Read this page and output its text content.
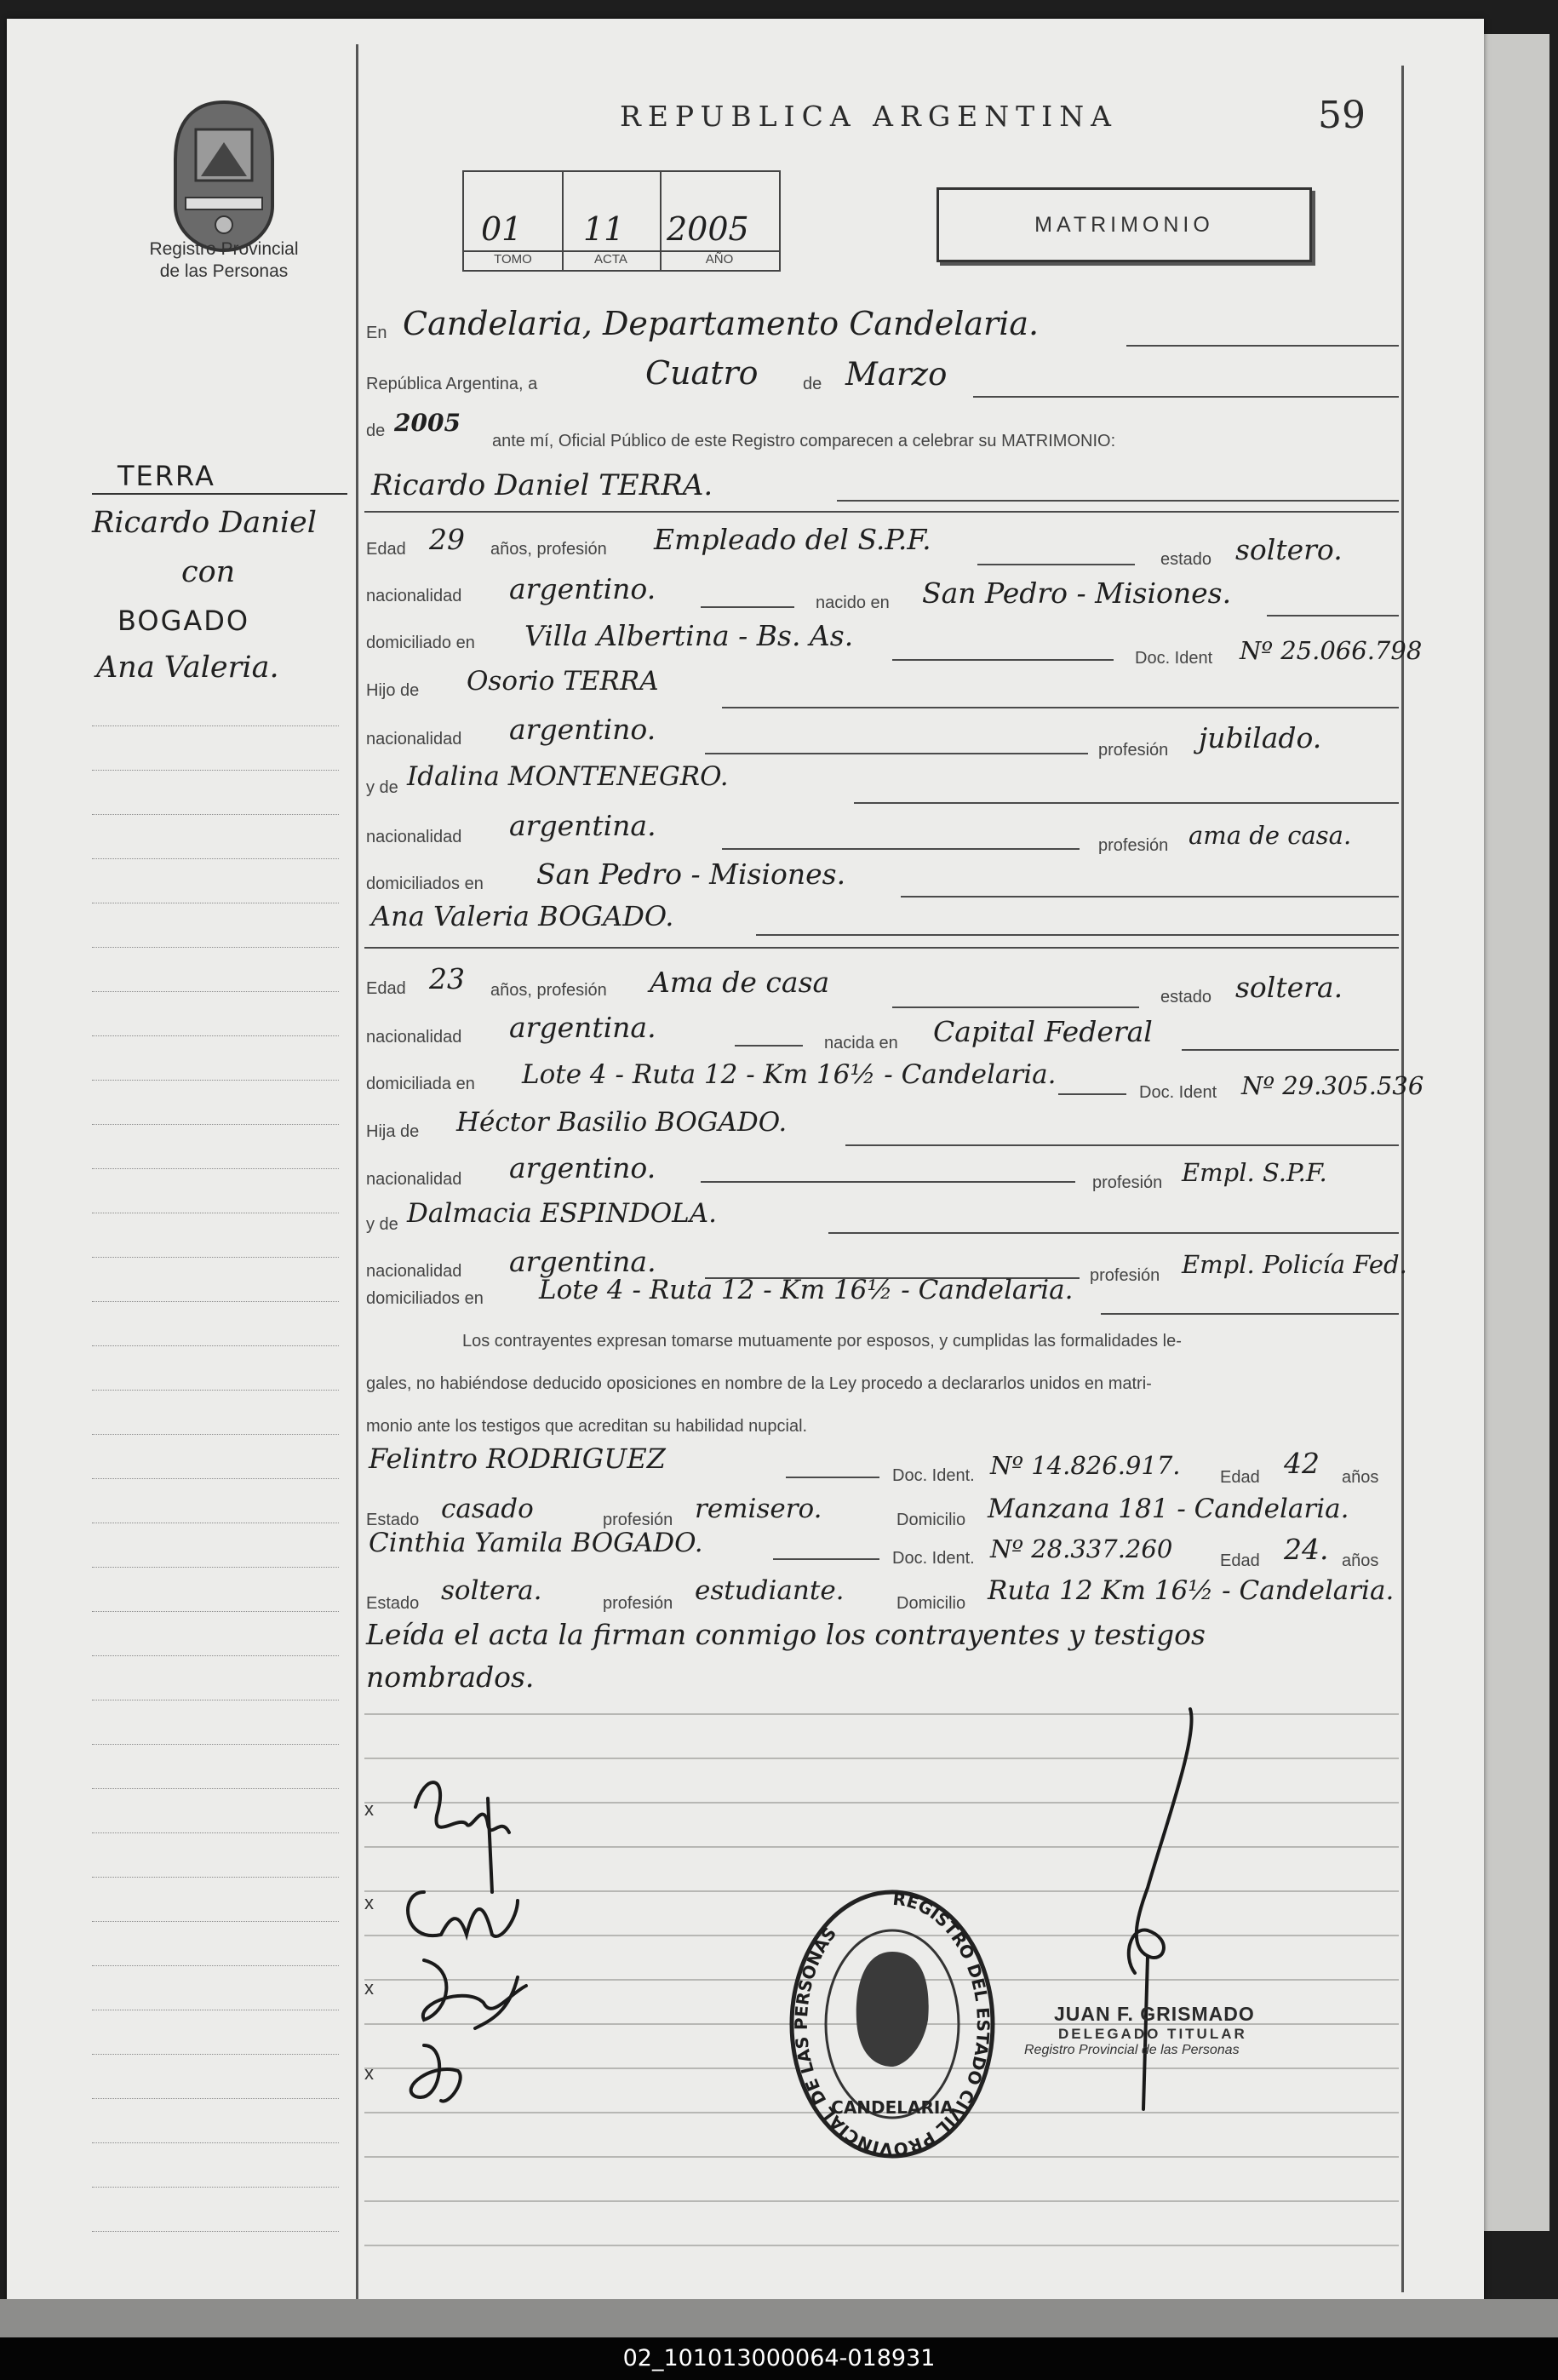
Registro Provincial
de las Personas
REPUBLICA ARGENTINA	59
01 11 2005
TOMO	ACTA	AÑO
MATRIMONIO
TERRA
Ricardo Daniel
con
BOGADO
Ana Valeria.
En Candelaria, Departamento Candelaria.
República Argentina, a	Cuatro	de Marzo
de 2005
ante mí, Oficial Público de este Registro comparecen a celebrar su MATRIMONIO:
Ricardo Daniel TERRA.
Edad 29 años, profesión Empleado del S.P.F.
estado soltero.
nacionalidad argentino.	nacido en San Pedro - Misiones.
domiciliado en Villa Albertina - Bs. As.
Doc. Ident Nº 25.066.798
Hijo de Osorio TERRA
nacionalidad argentino.
profesión jubilado.
y de Idalina MONTENEGRO.
nacionalidad argentina.
profesión ama de casa.
domiciliados en San Pedro - Misiones.
Ana Valeria BOGADO.
Edad 23 años, profesión Ama de casa	estado soltera.
nacionalidad argentina.	nacida en Capital Federal
domiciliada en Lote 4 - Ruta 12 - Km 16½ - Candelaria.
Doc. Ident Nº 29.305.536
Hija de Héctor Basilio BOGADO.
nacionalidad argentino.	profesión Empl. S.P.F.
y de Dalmacia ESPINDOLA.
nacionalidad argentina.	profesión Empl. Policía Fed.
domiciliados en Lote 4 - Ruta 12 - Km 16½ - Candelaria.
Los contrayentes expresan tomarse mutuamente por esposos, y cumplidas las formalidades le-
gales, no habiéndose deducido oposiciones en nombre de la Ley procedo a declararlos unidos en matri-
monio ante los testigos que acreditan su habilidad nupcial.
Felintro RODRIGUEZ
Doc. Ident. Nº 14.826.917. Edad 42 años
Estado casado	profesión remisero.	Domicilio Manzana 181 - Candelaria.
Cinthia Yamila BOGADO.	Doc. Ident. Nº 28.337.260	Edad 24. años
Estado soltera.	profesión estudiante.	Domicilio Ruta 12 Km 16½ - Candelaria.
Leída el acta la firman conmigo los contrayentes y testigos
nombrados.
x
x
x
x
REGISTRO DEL ESTADO CIVIL PROVINCIAL DE LAS PERSONAS
CANDELARIA
JUAN F. GRISMADO
DELEGADO TITULAR
Registro Provincial de las Personas
02_101013000064-018931
